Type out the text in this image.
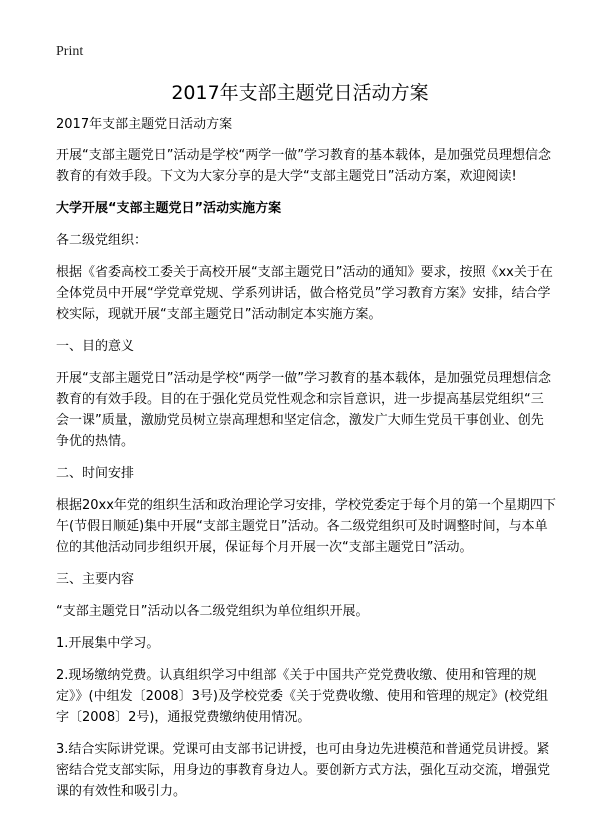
Print
2017年支部主题党日活动方案

2017年支部主题党日活动方案

开展“支部主题党日”活动是学校“两学一做”学习教育的基本载体，是加强党员理想信念教育的有效手段。下文为大家分享的是大学“支部主题党日”活动方案，欢迎阅读!

大学开展“支部主题党日”活动实施方案

各二级党组织：

根据《省委高校工委关于高校开展“支部主题党日”活动的通知》要求，按照《xx关于在全体党员中开展“学党章党规、学系列讲话，做合格党员”学习教育方案》安排，结合学校实际，现就开展“支部主题党日”活动制定本实施方案。

一、目的意义

开展“支部主题党日”活动是学校“两学一做”学习教育的基本载体，是加强党员理想信念教育的有效手段。目的在于强化党员党性观念和宗旨意识，进一步提高基层党组织“三会一课”质量，激励党员树立崇高理想和坚定信念，激发广大师生党员干事创业、创先争优的热情。

二、时间安排

根据20xx年党的组织生活和政治理论学习安排，学校党委定于每个月的第一个星期四下午(节假日顺延)集中开展“支部主题党日”活动。各二级党组织可及时调整时间，与本单位的其他活动同步组织开展，保证每个月开展一次“支部主题党日”活动。

三、主要内容

“支部主题党日”活动以各二级党组织为单位组织开展。

1.开展集中学习。

2.现场缴纳党费。认真组织学习中组部《关于中国共产党党费收缴、使用和管理的规定》》(中组发〔2008〕3号)及学校党委《关于党费收缴、使用和管理的规定》(校党组字〔2008〕2号)，通报党费缴纳使用情况。

3.结合实际讲党课。党课可由支部书记讲授，也可由身边先进模范和普通党员讲授。紧密结合党支部实际，用身边的事教育身边人。要创新方式方法，强化互动交流，增强党课的有效性和吸引力。
